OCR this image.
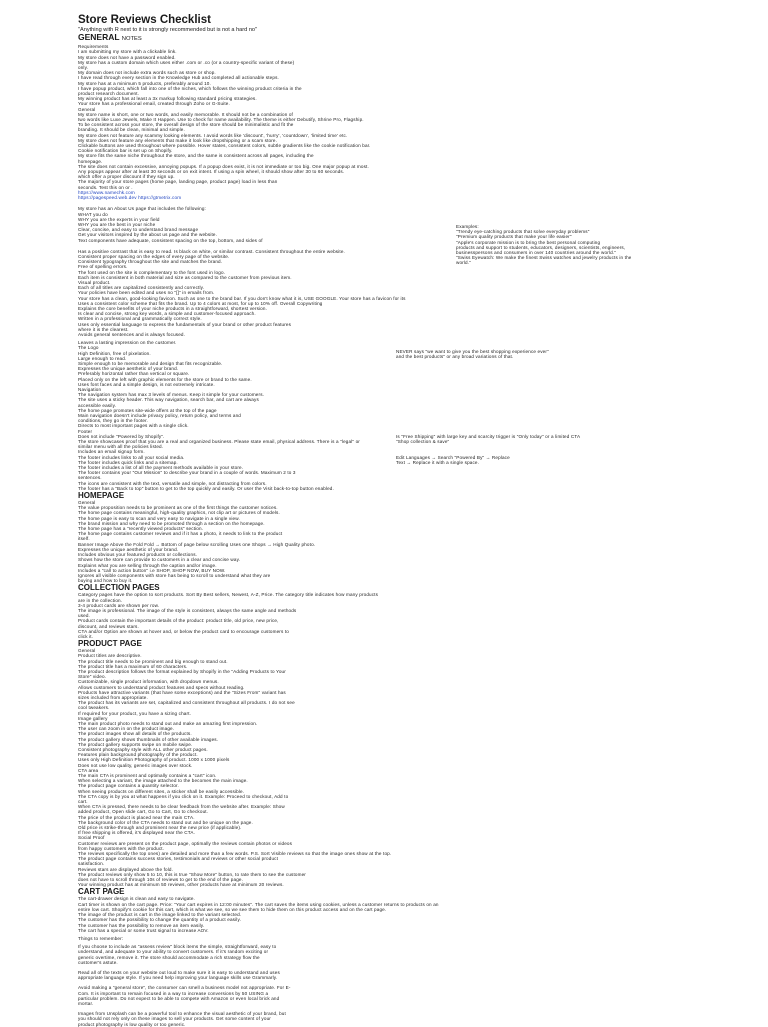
Store Reviews Checklist

"Anything with R next to it is strongly recommended but is not a hard no"

GENERAL NOTES

Requirements

I am submitting my store with a clickable link.

My store does not have a password enabled.

My store has a custom domain which uses either .com or .co (or a country-specific variant of these)

only.

My domain does not include extra words such as store or shop.

I have read through every section in the Knowledge Hub and completed all actionable steps.

My store has at a minimum 5 products, preferably around 10.

I have popup product, which fall into one of the niches, which follows the winning product criteria in the

product research document.

My winning product has at least a 3x markup following standard pricing strategies.

Your store has a professional email, created through Zoho or G-Suite.

General

My store name is short, one or two words, and easily memorable. It should not be a combination of

two words like Luxe Jewels, Make It Happen. Use to check for name availability. The theme is either Debutify, Shrine Pro, Flagship.

To be consistent across your store, the overall design of the store should be minimalistic and fit the

branding. It should be clean, minimal and simple.

My store does not feature any scammy looking elements. I avoid words like 'discount', 'hurry', 'countdown', 'limited time' etc.

My store does not feature any elements that make it look like dropshipping or a scam store.

Clickable buttons are used throughout where possible. Hover states, consistent colors, subtle gradients like the cookie notification bar.

Cookie notification bar is set up on Shopify.

My store fits the same niche throughout the store, and the same is consistent across all pages, including the

homepage.

The site does not contain excessive, annoying popups. If a popup does exist, it is not immediate or too big. One major popup at most.

Any popups appear after at least 30 seconds or on exit intent. If using a spin wheel, it should show after 30 to 60 seconds.

which offer a proper discount if they sign up.

The majority of your store pages (home page, landing page, product page) load in less than

seconds. Test this on or .

https://www.namechk.com

https://pagespeed.web.dev https://gtmetrix.com

My store has an About Us page that includes the following:

WHAT you do

WHY you are the experts in your field

WHY you are the best in your niche

Clear, concise, and easy to understand brand message

Get your visitors inspired by the about us page and the website.

Text components have adequate, consistent spacing on the top, bottom, and sides of

Has a positive contrast that is easy to read. Is black on white, or similar contrast. Consistent throughout the entire website.

Consistent proper spacing on the edges of every page of the website.

Consistent typography throughout the site and matches the brand.

Free of spelling errors.

The font used on the site is complementary to the font used in logo.

Each item is consistent in both material and size as compared to the customer from previous item.

Visual product.

Each of all titles are capitalized consistently and correctly.

Your policies have been edited and uses no "[]" in emails from.

Your store has a clean, good-looking favicon. Such as one to the brand bar. If you don't know what it is, USE GOOGLE. Your store has a favicon for its

Uses a consistent color scheme that fits the brand. Up to 4 colors at most, for up to 10% off. Overall Copywriting

Explains the core benefits of your niche products in a straightforward, shortest version.

Is clear and concise, strong key words, a simple and customer-focused approach.

Written in a professional and grammatically correct style.

Uses only essential language to express the fundamentals of your brand or other product features

where it is the clearest.

Avoids general sentences and is always focused.

Leaves a lasting impression on the customer.

The Logo

High Definition, free of pixelation.

Large enough to read.

Simple enough to be memorable and design that fits recognizable.

Expresses the unique aesthetic of your brand.

Preferably horizontal rather than vertical or square.

Placed only on the left with graphic elements for the store or brand to the same.

Uses font faces and a simple design, is not extremely intricate.

Navigation

The navigation system has max 3 levels of menus. Keep it simple for your customers.

The site uses a sticky header. This way navigation, search bar, and cart are always

accessible easily.

The home page promotes site-wide offers at the top of the page

Main navigation doesn't include privacy policy, return policy, and terms and

conditions, they go in the footer.

Directs to most important pages with a single click.

Footer

Does not include "Powered by Shopify".

The store showcases proof that you are a real and organized business. Please state email, physical address. There is a "legal" or

similar menu with all the policies listed.

Includes an email signup form.

The footer includes links to all your social media.

The footer includes quick links and a sitemap.

The footer includes a list of all the payment methods available in your store.

The footer contains your "Our Mission" to describe your brand in a couple of words. Maximum 2 to 3

sentences.

The icons are consistent with the text, versatile and simple, not distracting from colors.

The footer has a "Back to top" button to get to the top quickly and easily. Or user the Visit back-to-top button enabled.

HOMEPAGE

General

The value proposition needs to be prominent as one of the first things the customer notices.

The home page contains meaningful, high-quality graphics, not clip art or pictures of models.

The home page is easy to scan and very easy to navigate in a single view.

The brand mission and why need to be promoted through a section on the homepage.

The home page has a "recently viewed products" section.

The home page contains customer reviews and if it has a photo, it needs to link to the product

itself.

Banner Image Above the Fold Fold → Bottom of page below scrolling Uses one Shops → High Quality photo.

Expresses the unique aesthetic of your brand.

Includes obvious your featured products or collections.

Shows how the store can provide to customers in a clear and concise way.

Explains what you are selling through the caption and/or image.

Includes a "call to action button" i.e SHOP, SHOP NOW, BUY NOW.

Ignores all visible components with store has being to scroll to understand what they are

buying and how to buy it.

COLLECTION PAGES

Category pages have the option to sort products. Sort By Best sellers, Newest, A-Z, Price. The category title indicates how many products

are in the collection.

3-4 product cards are shown per row.

The image is professional. The image of the style is consistent, always the same angle and methods

used.

Product cards contain the important details of the product: product title, old price, new price,

discount, and reviews stars.

CTA and/or Option are shown at hover and, or below the product card to encourage customers to

click it.

PRODUCT PAGE

General

Product titles are descriptive.

The product title needs to be prominent and big enough to stand out.

The product title has a maximum of 60 characters.

The product description follows the format explained by Shopify in the "Adding Products to Your

Store" video.

Customizable, single product information, with dropdown menus.

Allows customers to understand product features and specs without reading.

Products have attractive variants (that have some exceptions) and the "Sizes From" variant has

sizes included from appropriate.

The product has its variants are set, capitalized and consistent throughout all products. I do not see

cool tweakers.

If required for your product, you have a sizing chart.

Image gallery

The main product photo needs to stand out and make an amazing first impression.

The user can zoom in on the product image.

The product images show all details of the products.

The product gallery shows thumbnails of other available images.

The product gallery supports swipe on mobile swipe.

Consistent photography style with ALL other product pages.

Features plain background photography of the product.

Uses only High Definition Photography of product. 1000 x 1000 pixels

Does not use low quality, generic images over stock.

CTA area

The main CTA is prominent and optimally contains a "cart" icon.

When selecting a variant, the image attached to the becomes the main image.

The product page contains a quantity selector.

When seeing products on different sites, a sticker shall be easily accessible.

The CTA copy is by you at what happens if you click on it. Example: Proceed to checkout, Add to

cart.

When CTA is pressed, there needs to be clear feedback from the website after. Example: Show

added product, Open slide cart, Go to Cart, Go to checkout.

The price of the product is placed near the main CTA.

The background color of the CTA needs to stand out and be unique on the page.

Old price is strike-through and prominent near the new price (if applicable).

If free shipping is offered, it's displayed near the CTA.

Social Proof

Customer reviews are present on the product page, optimally the reviews contain photos or videos

from happy customers with the product.

The reviews specifically the top ones) are detailed and more than a few words. P.S. Sort Visible reviews so that the image ones show at the top.

The product page contains success stories, testimonials and reviews or other social product

satisfaction.

Reviews stars are displayed above the fold.

The product reviews only show 5 to 10, this is true "Show More" button, to rate them to see the customer

does not have to scroll through 10s of reviews to get to the end of the page.

Your winning product has at minimum 50 reviews, other products have at minimum 20 reviews.

CART PAGE

The cart-drawer design is clean and easy to navigate.

Cart timer is shown on the cart page. Price: "Your cart expires in 12:00 minutes". The cart saves the items using cookies, unless a customer returns to products on an

entire low cart. Shopify's cookie for this cart, which is what we see, so we see them to hide them on this product access and on the cart page.

The image of the product is cart in the image linked to the variant selected.

The customer has the possibility to change the quantity of a product easily.

The customer has the possibility to remove an item easily.

The cart has a special or some trust signal to increase AOV.

Things to remember:

If you choose to include as "assess review" block items the simple, straightforward, easy to

understand, and adequate to your ability to convert customers. If it's random exciting or

generic overtime, remove it. The store should accommodate a rich strategy flow the

customer's astute.

Read all of the texts on your website out loud to make sure it is easy to understand and uses

appropriate language style. If you need help improving your language skills use Grammarly.

Avoid making a "general store", the consumer can smell a business model not appropriate. For E-

Com. It is important to remain focused in a way to increase conversions by 50 USING a

particular problem. Do not expect to be able to compete with Amazon or even local brick and

mortar.

Images from Unsplash can be a powerful tool to enhance the visual aesthetic of your brand, but

you should not rely only on these images to sell your products. Get some content of your

product photography is low quality or too generic.

Examples:

"Trendy eye-catching products that solve everyday problems"

"Premium quality products that make your life easier"

"Apple's corporate mission is to bring the best personal computing

products and support to students, educators, designers, scientists, engineers,

businesspersons and consumers in over 140 countries around the world."

"Swiss Eyewatch: We make the finest Swiss watches and jewelry products in the

world."

NEVER says "we want to give you the best shopping experience ever"
and the best products" or any broad variations of that.
Is "Free Shipping" with large key and scarcity trigger is "Only today" or a limited CTA
"Shop collection & save"
Edit Languages → Search "Powered By" → Replace
Text → Replace it with a single space.
